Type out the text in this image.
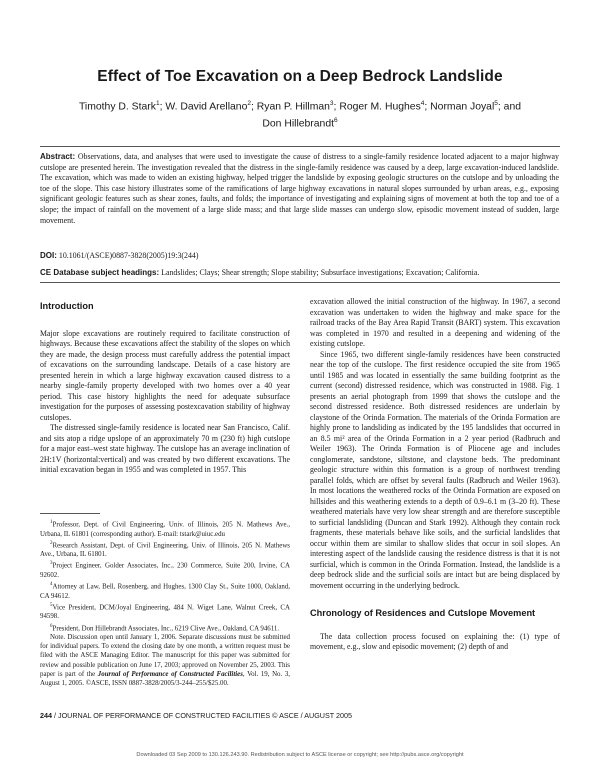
Effect of Toe Excavation on a Deep Bedrock Landslide
Timothy D. Stark$^1$; W. David Arellano$^2$; Ryan P. Hillman$^3$; Roger M. Hughes$^4$; Norman Joyal$^5$; and
Don Hillebrandt$^6$
Abstract: Observations, data, and analyses that were used to investigate the cause of distress to a single-family residence located adjacent to a major highway cutslope are presented herein. The investigation revealed that the distress in the single-family residence was caused by a deep, large excavation-induced landslide. The excavation, which was made to widen an existing highway, helped trigger the landslide by exposing geologic structures on the cutslope and by unloading the toe of the slope. This case history illustrates some of the ramifications of large highway excavations in natural slopes surrounded by urban areas, e.g., exposing significant geologic features such as shear zones, faults, and folds; the importance of investigating and explaining signs of movement at both the top and toe of a slope; the impact of rainfall on the movement of a large slide mass; and that large slide masses can undergo slow, episodic movement instead of sudden, large movement.
DOI: 10.1061/(ASCE)0887-3828(2005)19:3(244)
CE Database subject headings: Landslides; Clays; Shear strength; Slope stability; Subsurface investigations; Excavation; California.
Introduction

Major slope excavations are routinely required to facilitate construction of highways. Because these excavations affect the stability of the slopes on which they are made, the design process must carefully address the potential impact of excavations on the surrounding landscape. Details of a case history are presented herein in which a large highway excavation caused distress to a nearby single-family property developed with two homes over a 40 year period. This case history highlights the need for adequate subsurface investigation for the purposes of assessing postexcavation stability of highway cutslopes.

The distressed single-family residence is located near San Francisco, Calif. and sits atop a ridge upslope of an approximately 70 m (230 ft) high cutslope for a major east–west state highway. The cutslope has an average inclination of 2H:1V (horizontal:vertical) and was created by two different excavations. The initial excavation began in 1955 and was completed in 1957. This

$^1$Professor, Dept. of Civil Engineering, Univ. of Illinois, 205 N. Mathews Ave., Urbana, IL 61801 (corresponding author). E-mail: tstark@uiuc.edu

$^2$Research Assistant, Dept. of Civil Engineering, Univ. of Illinois, 205 N. Mathews Ave., Urbana, IL 61801.

$^3$Project Engineer, Golder Associates, Inc., 230 Commerce, Suite 200, Irvine, CA 92602.

$^4$Attorney at Law, Bell, Rosenberg, and Hughes, 1300 Clay St., Suite 1000, Oakland, CA 94612.

$^5$Vice President, DCM/Joyal Engineering, 484 N. Wiget Lane, Walnut Creek, CA 94598.

$^6$President, Don Hillebrandt Associates, Inc., 6219 Clive Ave., Oakland, CA 94611.

Note. Discussion open until January 1, 2006. Separate discussions must be submitted for individual papers. To extend the closing date by one month, a written request must be filed with the ASCE Managing Editor. The manuscript for this paper was submitted for review and possible publication on June 17, 2003; approved on November 25, 2003. This paper is part of the Journal of Performance of Constructed Facilities, Vol. 19, No. 3, August 1, 2005. ©ASCE, ISSN 0887-3828/2005/3-244–255/$25.00.

excavation allowed the initial construction of the highway. In 1967, a second excavation was undertaken to widen the highway and make space for the railroad tracks of the Bay Area Rapid Transit (BART) system. This excavation was completed in 1970 and resulted in a deepening and widening of the existing cutslope.

Since 1965, two different single-family residences have been constructed near the top of the cutslope. The first residence occupied the site from 1965 until 1985 and was located in essentially the same building footprint as the current (second) distressed residence, which was constructed in 1988. Fig. 1 presents an aerial photograph from 1999 that shows the cutslope and the second distressed residence. Both distressed residences are underlain by claystone of the Orinda Formation. The materials of the Orinda Formation are highly prone to landsliding as indicated by the 195 landslides that occurred in an 8.5 mi² area of the Orinda Formation in a 2 year period (Radbruch and Weiler 1963). The Orinda Formation is of Pliocene age and includes conglomerate, sandstone, siltstone, and claystone beds. The predominant geologic structure within this formation is a group of northwest trending parallel folds, which are offset by several faults (Radbruch and Weiler 1963). In most locations the weathered rocks of the Orinda Formation are exposed on hillsides and this weathering extends to a depth of 0.9–6.1 m (3–20 ft). These weathered materials have very low shear strength and are therefore susceptible to surficial landsliding (Duncan and Stark 1992). Although they contain rock fragments, these materials behave like soils, and the surficial landslides that occur within them are similar to shallow slides that occur in soil slopes. An interesting aspect of the landslide causing the residence distress is that it is not surficial, which is common in the Orinda Formation. Instead, the landslide is a deep bedrock slide and the surficial soils are intact but are being displaced by movement occurring in the underlying bedrock.

Chronology of Residences and Cutslope Movement

The data collection process focused on explaining the: (1) type of movement, e.g., slow and episodic movement; (2) depth of and

244 / JOURNAL OF PERFORMANCE OF CONSTRUCTED FACILITIES © ASCE / AUGUST 2005
Downloaded 03 Sep 2009 to 130.126.243.90. Redistribution subject to ASCE license or copyright; see http://pubs.asce.org/copyright
